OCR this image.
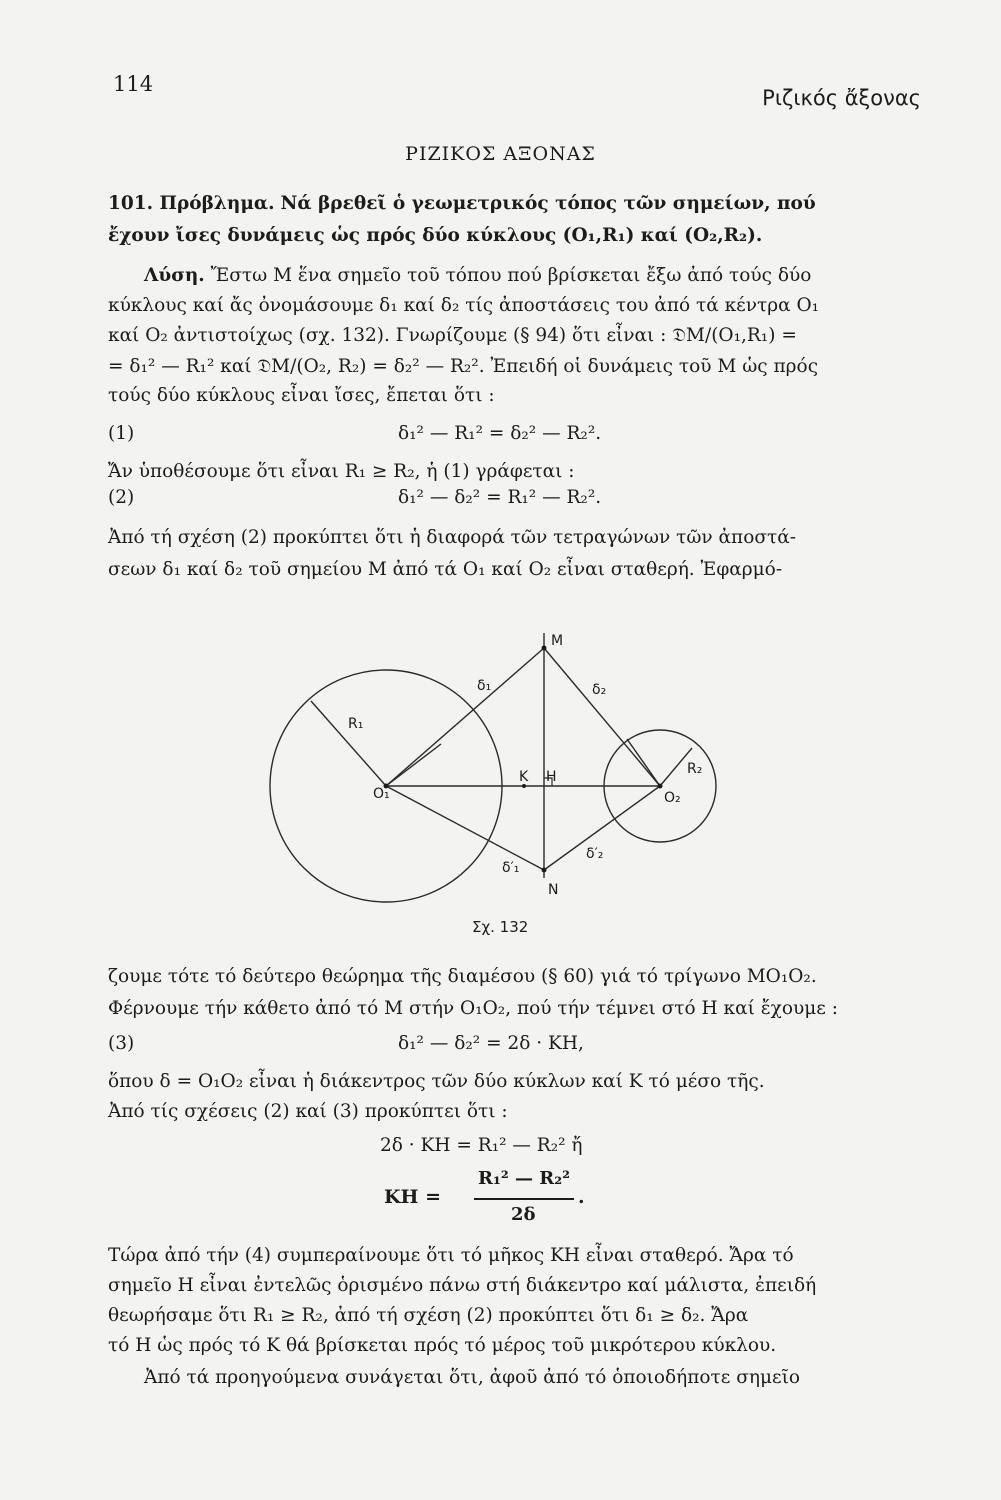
114
Ριζικός ἄξονας
ΡΙΖΙΚΟΣ ΑΞΟΝΑΣ
101. Πρόβλημα. Νά βρεθεῖ ὁ γεωμετρικός τόπος τῶν σημείων, πού
ἔχουν ἴσες δυνάμεις ὡς πρός δύο κύκλους (O₁,R₁) καί (O₂,R₂).
Λύση. Ἔστω M ἕνα σημεῖο τοῦ τόπου πού βρίσκεται ἔξω ἀπό τούς δύο
κύκλους καί ἄς ὀνομάσουμε δ₁ καί δ₂ τίς ἀποστάσεις του ἀπό τά κέντρα O₁
καί O₂ ἀντιστοίχως (σχ. 132). Γνωρίζουμε (§ 94) ὅτι εἶναι : 𝔇M/(O₁,R₁) =
= δ₁² — R₁² καί 𝔇M/(O₂, R₂) = δ₂² — R₂². Ἐπειδή οἱ δυνάμεις τοῦ M ὡς πρός
τούς δύο κύκλους εἶναι ἴσες, ἔπεται ὅτι :
(1)	δ₁² — R₁² = δ₂² — R₂².
Ἄν ὑποθέσουμε ὅτι εἶναι R₁ ≥ R₂, ἡ (1) γράφεται :
(2)	δ₁² — δ₂² = R₁² — R₂².
Ἀπό τή σχέση (2) προκύπτει ὅτι ἡ διαφορά τῶν τετραγώνων τῶν ἀποστά-
σεων δ₁ καί δ₂ τοῦ σημείου M ἀπό τά O₁ καί O₂ εἶναι σταθερή. Ἐφαρμό-
M
N
O₁	O₂
K H
R₁
R₂
δ₁	δ₂
δ′₁
δ′₂
Σχ. 132
ζουμε τότε τό δεύτερο θεώρημα τῆς διαμέσου (§ 60) γιά τό τρίγωνο MO₁O₂.
Φέρνουμε τήν κάθετο ἀπό τό M στήν O₁O₂, πού τήν τέμνει στό H καί ἔχουμε :
(3)	δ₁² — δ₂² = 2δ · KH,
ὅπου δ = O₁O₂ εἶναι ἡ διάκεντρος τῶν δύο κύκλων καί K τό μέσο τῆς.
Ἀπό τίς σχέσεις (2) καί (3) προκύπτει ὅτι :
2δ · KH = R₁² — R₂² ἤ
KH =
R₁² — R₂²
2δ
.
Τώρα ἀπό τήν (4) συμπεραίνουμε ὅτι τό μῆκος KH εἶναι σταθερό. Ἄρα τό
σημεῖο H εἶναι ἐντελῶς ὁρισμένο πάνω στή διάκεντρο καί μάλιστα, ἐπειδή
θεωρήσαμε ὅτι R₁ ≥ R₂, ἀπό τή σχέση (2) προκύπτει ὅτι δ₁ ≥ δ₂. Ἄρα
τό H ὡς πρός τό K θά βρίσκεται πρός τό μέρος τοῦ μικρότερου κύκλου.
Ἀπό τά προηγούμενα συνάγεται ὅτι, ἀφοῦ ἀπό τό ὁποιοδήποτε σημεῖο
